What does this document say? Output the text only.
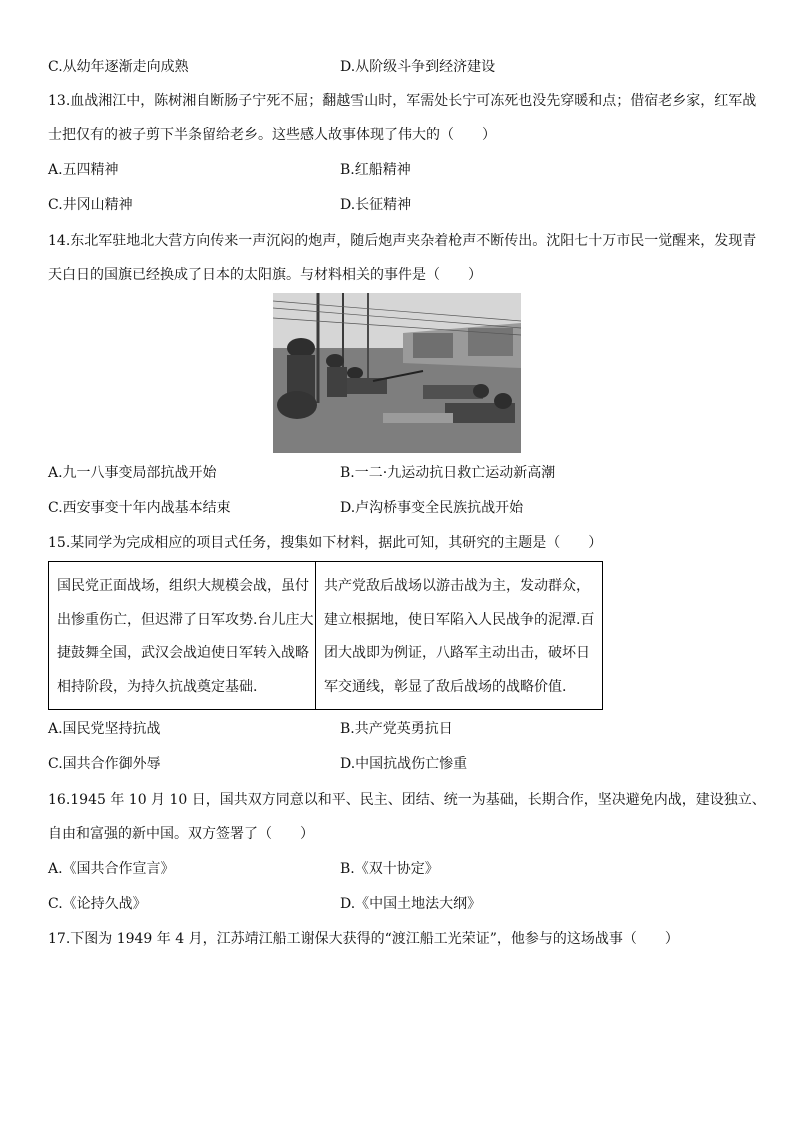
C.从幼年逐渐走向成熟	D.从阶级斗争到经济建设
13.血战湘江中，陈树湘自断肠子宁死不屈；翻越雪山时，军需处长宁可冻死也没先穿暖和点；借宿老乡家，红军战
士把仅有的被子剪下半条留给老乡。这些感人故事体现了伟大的（　　）
A.五四精神	B.红船精神
C.井冈山精神	D.长征精神
14.东北军驻地北大营方向传来一声沉闷的炮声，随后炮声夹杂着枪声不断传出。沈阳七十万市民一觉醒来，发现青
天白日的国旗已经换成了日本的太阳旗。与材料相关的事件是（　　）
A.九一八事变局部抗战开始	B.一二·九运动抗日救亡运动新高潮
C.西安事变十年内战基本结束	D.卢沟桥事变全民族抗战开始
15.某同学为完成相应的项目式任务，搜集如下材料，据此可知，其研究的主题是（　　）
国民党正面战场，组织大规模会战，虽付
出惨重伤亡，但迟滞了日军攻势.台儿庄大
捷鼓舞全国，武汉会战迫使日军转入战略
相持阶段，为持久抗战奠定基础.
共产党敌后战场以游击战为主，发动群众，
建立根据地，使日军陷入人民战争的泥潭.百
团大战即为例证，八路军主动出击，破坏日
军交通线，彰显了敌后战场的战略价值.
A.国民党坚持抗战	B.共产党英勇抗日
C.国共合作御外辱	D.中国抗战伤亡惨重
16.1945 年 10 月 10 日，国共双方同意以和平、民主、团结、统一为基础，长期合作，坚决避免内战，建设独立、
自由和富强的新中国。双方签署了（　　）
A.《国共合作宣言》	B.《双十协定》
C.《论持久战》	D.《中国土地法大纲》
17.下图为 1949 年 4 月，江苏靖江船工谢保大获得的“渡江船工光荣证”，他参与的这场战事（　　）
